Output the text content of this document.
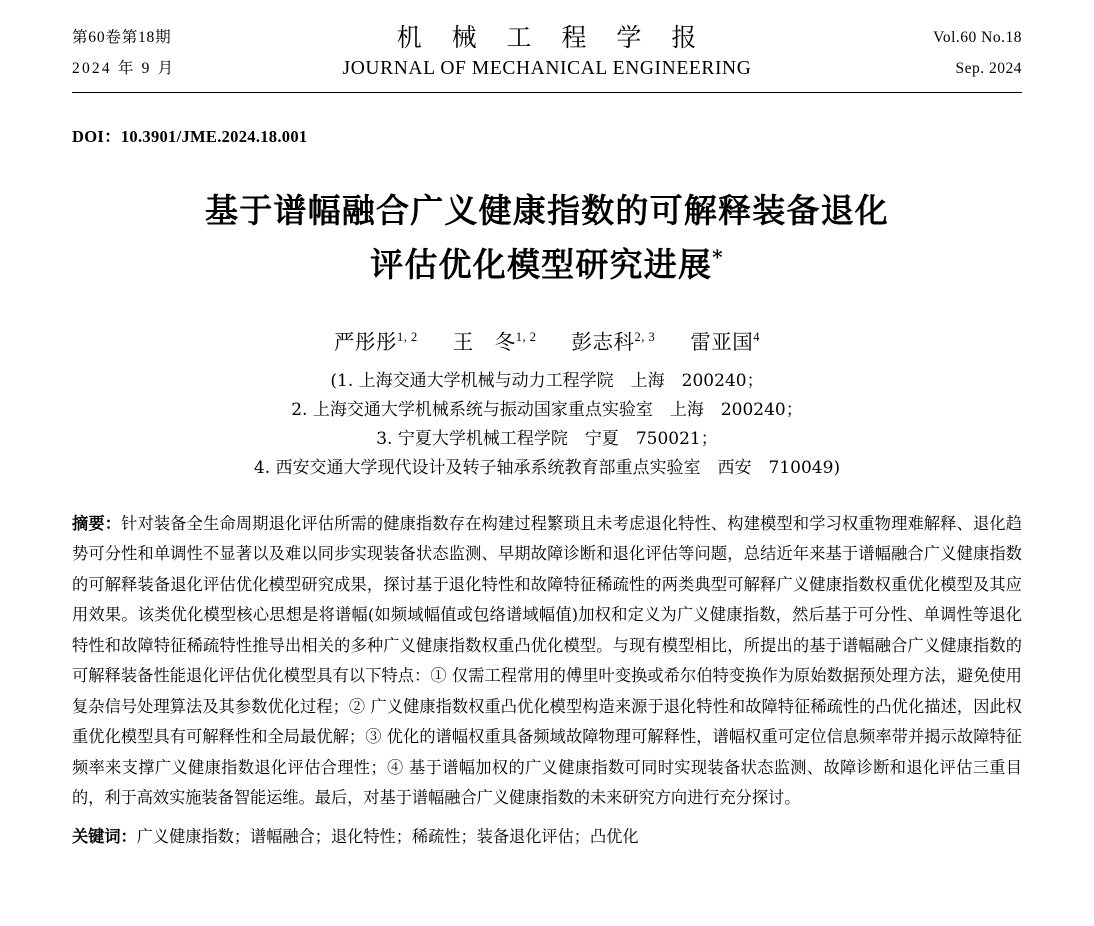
第60卷第18期
2024 年 9 月
机 械 工 程 学 报
JOURNAL OF MECHANICAL ENGINEERING
Vol.60 No.18
Sep. 2024
DOI：10.3901/JME.2024.18.001
基于谱幅融合广义健康指数的可解释装备退化
评估优化模型研究进展*
严彤彤$^{1, 2}$ 王　冬$^{1, 2}$ 彭志科$^{2, 3}$ 雷亚国$^4$
(1. 上海交通大学机械与动力工程学院　上海　200240；
2. 上海交通大学机械系统与振动国家重点实验室　上海　200240；
3. 宁夏大学机械工程学院　宁夏　750021；
4. 西安交通大学现代设计及转子轴承系统教育部重点实验室　西安　710049)
摘要：针对装备全生命周期退化评估所需的健康指数存在构建过程繁琐且未考虑退化特性、构建模型和学习权重物理难解释、退化趋势可分性和单调性不显著以及难以同步实现装备状态监测、早期故障诊断和退化评估等问题，总结近年来基于谱幅融合广义健康指数的可解释装备退化评估优化模型研究成果，探讨基于退化特性和故障特征稀疏性的两类典型可解释广义健康指数权重优化模型及其应用效果。该类优化模型核心思想是将谱幅(如频域幅值或包络谱域幅值)加权和定义为广义健康指数，然后基于可分性、单调性等退化特性和故障特征稀疏特性推导出相关的多种广义健康指数权重凸优化模型。与现有模型相比，所提出的基于谱幅融合广义健康指数的可解释装备性能退化评估优化模型具有以下特点：① 仅需工程常用的傅里叶变换或希尔伯特变换作为原始数据预处理方法，避免使用复杂信号处理算法及其参数优化过程；② 广义健康指数权重凸优化模型构造来源于退化特性和故障特征稀疏性的凸优化描述，因此权重优化模型具有可解释性和全局最优解；③ 优化的谱幅权重具备频域故障物理可解释性，谱幅权重可定位信息频率带并揭示故障特征频率来支撑广义健康指数退化评估合理性；④ 基于谱幅加权的广义健康指数可同时实现装备状态监测、故障诊断和退化评估三重目的，利于高效实施装备智能运维。最后，对基于谱幅融合广义健康指数的未来研究方向进行充分探讨。
关键词：广义健康指数；谱幅融合；退化特性；稀疏性；装备退化评估；凸优化
